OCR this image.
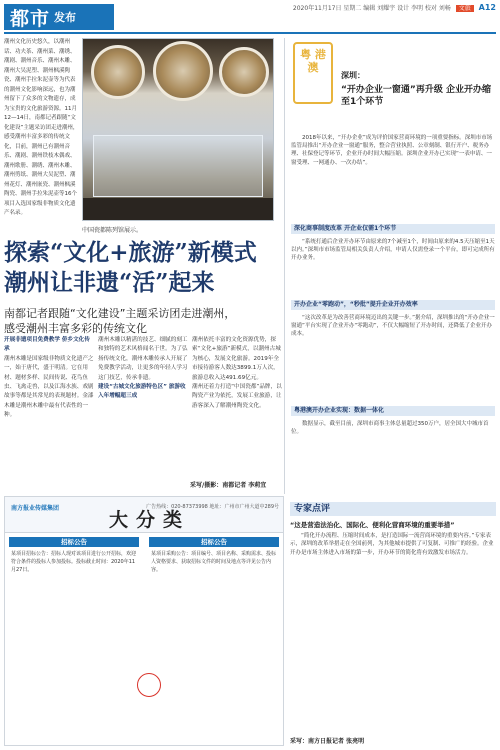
都市 发布
2020年11月17日 星期二 编辑 刘耀宇 设计 李明 校对 刘畅 文旅 A12
潮州文化历史悠久，以潮州话、功夫茶、潮州菜、潮绣、潮剧、潮州音乐、潮州木雕、潮州大吴泥塑、潮州枫溪陶瓷、潮州手拉朱泥壶等为代表的潮州文化影响深远，也为潮州留下了众多的文物遗存，成为宝贵的文化旅游资源。11月12—14日，南都记者跟随“文化建设”主题采访团走进潮州，感受潮州丰富多彩的传统文化，目前，潮州已有潮州音乐、潮剧、潮州铁枝木偶戏、潮州歌册、潮绣、潮州木雕、潮州剪纸、潮州大吴泥塑、潮州花灯、潮州嵌瓷、潮州枫溪陶瓷、潮州手拉朱泥壶等16个项目入选国家级非物质文化遗产名录。
中国瓷都陈列馆展示。
探索“文化+旅游”新模式
潮州让非遗“活”起来
南都记者跟随“文化建设”主题采访团走进潮州，
感受潮州丰富多彩的传统文化
开展非遗项目免费教学 侨乡文化传承
潮州木雕是国家级非物质文化遗产之一，始于唐代，盛于明清。它在用材、题材多样、民间传说、花鸟鱼虫、飞禽走兽，以及江海水族、戏剧故事等都是其常见的表现题材。金漆木雕是潮州木雕中最有代表性的一种。
潮州木雕以精湛的技艺、细腻的刻工和独特的艺术风格闻名于世。为了弘扬传统文化，潮州木雕传承人开展了免费教学活动，让更多的年轻人学习这门技艺，传承非遗。
建设“古城文化旅游特色区” 旅游收入年增幅超三成
潮州依托丰富的文化资源优势，探索“文化+旅游”新模式，以潮州古城为核心，发展文化旅游。2019年全市接待游客人数达3899.1万人次，旅游总收入达491.69亿元。
潮州还着力打造“中国瓷都”品牌，以陶瓷产业为依托，发展工业旅游，让游客深入了解潮州陶瓷文化。
采写/摄影：南都记者 李莉宜
粤 港 澳
深圳：
“开办企业一窗通”再升级 企业开办缩至1个环节
2018年以来，“开办企业”成为评价国家营商环境的一项重要指标。深圳市市场监管局推出“开办企业一窗通”服务，整合营业执照、公章刻制、银行开户、税务办理、社保登记等环节，企业开办时间大幅压缩。深圳企业开办已实现“一表申请、一窗受理、一网通办、一次办结”。
深化商事制度改革 开企业仅需1个环节
“系统打通后企业开办环节由原来的7个减至1个，时间由原来的4.5天压缩至1天以内。”深圳市市场监管局相关负责人介绍，申请人仅需登录一个平台，即可完成所有开办业务。
开办企业“零跑动”，“秒批”提升企业开办效率
“这次改革是为改善营商环境迈出的关键一步。”据介绍，深圳推出的“开办企业一窗通”平台实现了企业开办“零跑动”，不仅大幅缩短了开办时间，还降低了企业开办成本。
粤港澳开办企业实现：数据一体化
数据显示，截至目前，深圳市商事主体总量超过350万户，居全国大中城市首位。
南方报业传媒集团
大分类
广告热线：020-87373998 地址：广州市广州大道中289号
招标公告
某项目招标公告：招标人现对该项目进行公开招标，欢迎符合条件的投标人参加投标。投标截止时间：2020年11月27日。
招标公告
某项目采购公告：项目编号、项目名称、采购需求、投标人资格要求、获取招标文件的时间及地点等详见公告内容。
专家点评
“这是营造法治化、国际化、便利化营商环境的重要举措”
“简化开办流程、压缩时间成本，是打造国际一流营商环境的重要内容。”专家表示，深圳的改革举措走在全国前列，为其他城市提供了可复制、可推广的经验。企业开办是市场主体进入市场的第一步，开办环节的简化将有效激发市场活力。
采写：南方日报记者 张亮明
